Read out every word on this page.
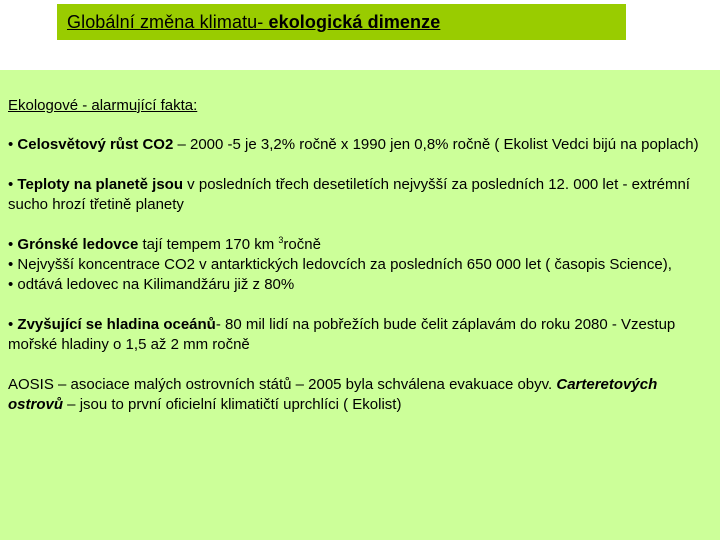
Globální změna klimatu- ekologická dimenze

Ekologové - alarmující fakta:

• Celosvětový růst CO2 – 2000 -5 je 3,2% ročně x 1990 jen 0,8% ročně ( Ekolist Vedci bijú na poplach)

• Teploty na planetě jsou v posledních třech desetiletích nejvyšší za posledních 12. 000 let - extrémní sucho hrozí třetině planety

• Grónské ledovce tají tempem 170 km $^3$ročně

• Nejvyšší koncentrace CO2 v antarktických ledovcích za posledních 650 000 let ( časopis Science),

• odtává ledovec na Kilimandžáru již z 80%

• Zvyšující se hladina oceánů- 80 mil lidí na pobřežích bude čelit záplavám do roku 2080 - Vzestup mořské hladiny o 1,5 až 2 mm ročně

AOSIS – asociace malých ostrovních států – 2005 byla schválena evakuace obyv. Carteretových ostrovů – jsou to první oficielní klimatičtí uprchlíci ( Ekolist)
